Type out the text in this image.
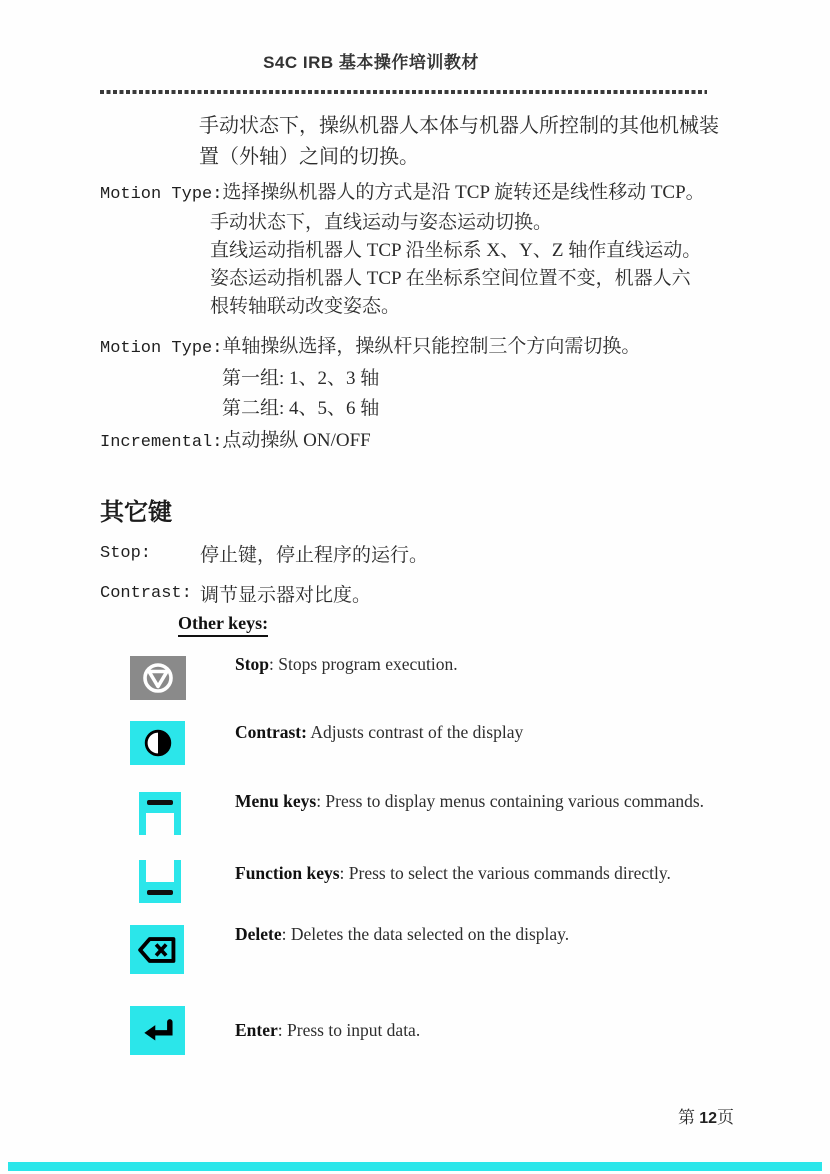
S4C IRB 基本操作培训教材
手动状态下，操纵机器人本体与机器人所控制的其他机械装
置（外轴）之间的切换。
Motion Type:选择操纵机器人的方式是沿 TCP 旋转还是线性移动 TCP。
手动状态下，直线运动与姿态运动切换。
直线运动指机器人 TCP 沿坐标系 X、Y、Z 轴作直线运动。
姿态运动指机器人 TCP 在坐标系空间位置不变，机器人六
根转轴联动改变姿态。
Motion Type:单轴操纵选择，操纵杆只能控制三个方向需切换。
第一组: 1、2、3 轴
第二组: 4、5、6 轴
Incremental:点动操纵 ON/OFF
其它键
Stop:	停止键，停止程序的运行。
Contrast: 调节显示器对比度。
Other keys:
Stop: Stops program execution.
Contrast: Adjusts contrast of the display
Menu keys: Press to display menus containing various commands.
Function keys: Press to select the various commands directly.
Delete: Deletes the data selected on the display.
Enter: Press to input data.
第 12页
